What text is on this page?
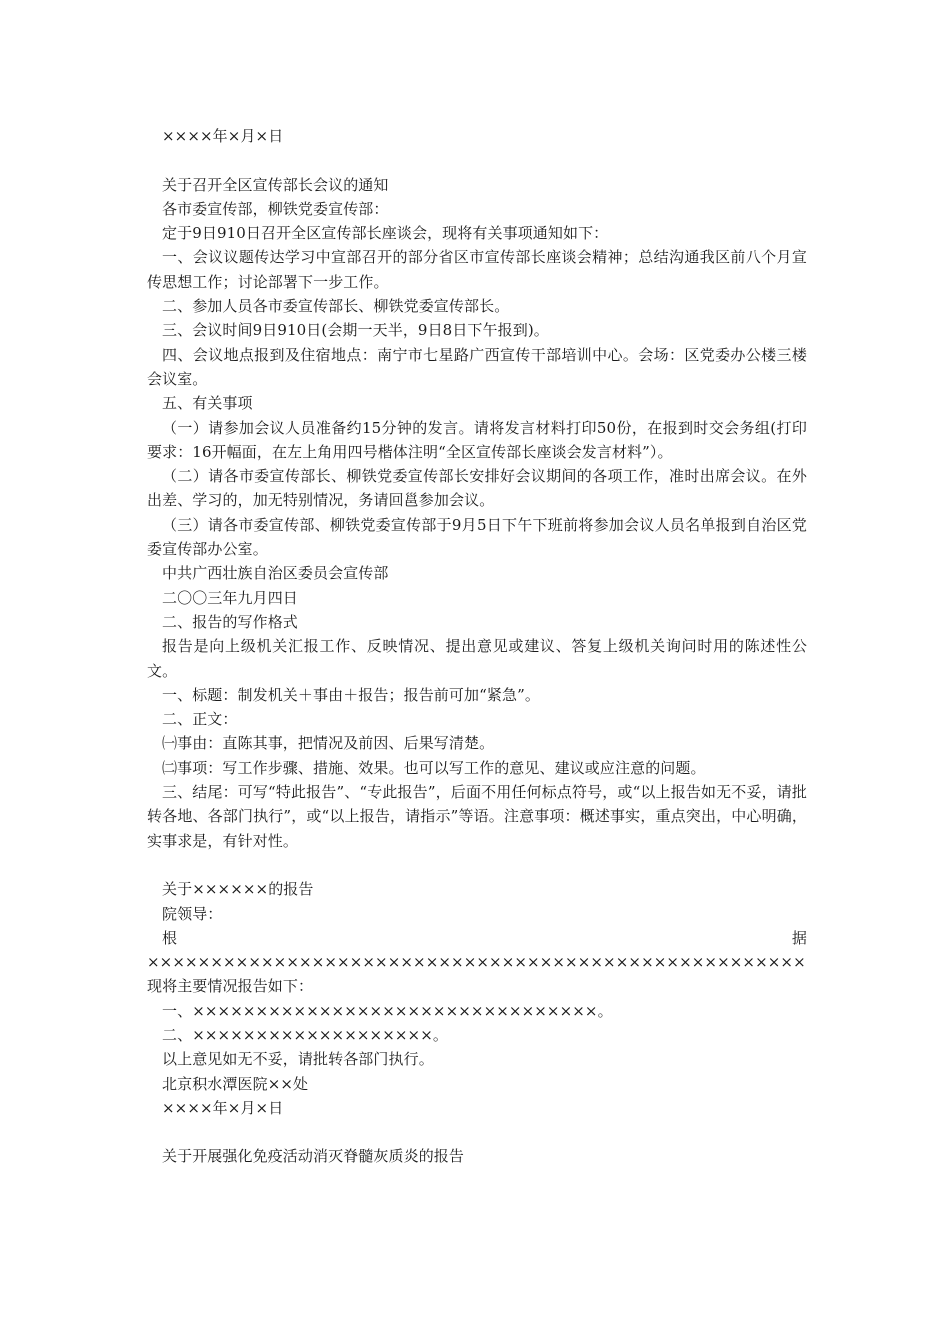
××××年×月×日

关于召开全区宣传部长会议的通知

各市委宣传部，柳铁党委宣传部：

定于9日910日召开全区宣传部长座谈会，现将有关事项通知如下：

一、会议议题传达学习中宣部召开的部分省区市宣传部长座谈会精神；总结沟通我区前八个月宣传思想工作；讨论部署下一步工作。

二、参加人员各市委宣传部长、柳铁党委宣传部长。

三、会议时间9日910日(会期一天半，9日8日下午报到)。

四、会议地点报到及住宿地点：南宁市七星路广西宣传干部培训中心。会场：区党委办公楼三楼会议室。

五、有关事项

（一）请参加会议人员准备约15分钟的发言。请将发言材料打印50份，在报到时交会务组(打印要求：16开幅面，在左上角用四号楷体注明“全区宣传部长座谈会发言材料”）。

（二）请各市委宣传部长、柳铁党委宣传部长安排好会议期间的各项工作，准时出席会议。在外出差、学习的，加无特别情况，务请回邕参加会议。

（三）请各市委宣传部、柳铁党委宣传部于9月5日下午下班前将参加会议人员名单报到自治区党委宣传部办公室。

中共广西壮族自治区委员会宣传部

二〇〇三年九月四日

二、报告的写作格式

报告是向上级机关汇报工作、反映情况、提出意见或建议、答复上级机关询问时用的陈述性公文。

一、标题：制发机关＋事由＋报告；报告前可加“紧急”。

二、正文：

㈠事由：直陈其事，把情况及前因、后果写清楚。

㈡事项：写工作步骤、措施、效果。也可以写工作的意见、建议或应注意的问题。

三、结尾：可写“特此报告”、“专此报告”，后面不用任何标点符号，或“以上报告如无不妥，请批转各地、各部门执行”，或“以上报告，请指示”等语。注意事项：概述事实，重点突出，中心明确，实事求是，有针对性。

关于××××××的报告

院领导：

根据××××××××××××××××××××××××××××××××××××××××××××××××××××现将主要情况报告如下：

一、××××××××××××××××××××××××××××××××。

二、×××××××××××××××××××。

以上意见如无不妥，请批转各部门执行。

北京积水潭医院××处

××××年×月×日

关于开展强化免疫活动消灭脊髓灰质炎的报告
